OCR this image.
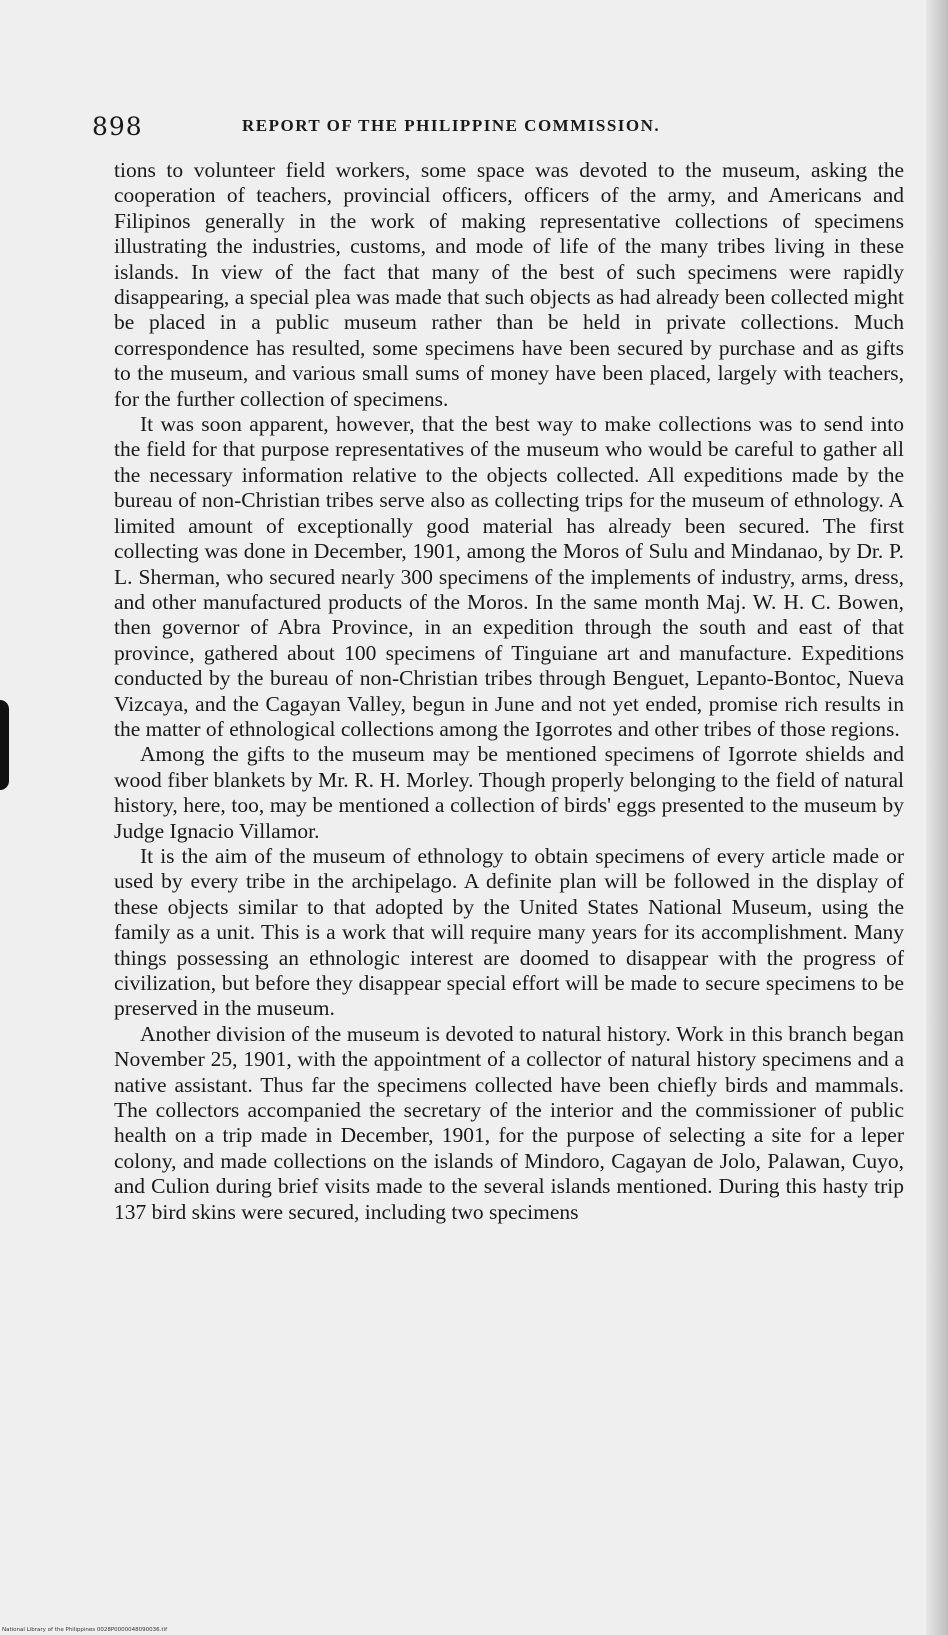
898	REPORT OF THE PHILIPPINE COMMISSION.

tions to volunteer field workers, some space was devoted to the museum, asking the cooperation of teachers, provincial officers, officers of the army, and Americans and Filipinos generally in the work of making representative collections of specimens illustrating the industries, customs, and mode of life of the many tribes living in these islands. In view of the fact that many of the best of such specimens were rapidly disappearing, a special plea was made that such objects as had already been collected might be placed in a public museum rather than be held in private collections. Much correspondence has resulted, some specimens have been secured by purchase and as gifts to the museum, and various small sums of money have been placed, largely with teachers, for the further collection of specimens.

It was soon apparent, however, that the best way to make collections was to send into the field for that purpose representatives of the museum who would be careful to gather all the necessary information relative to the objects collected. All expeditions made by the bureau of non-Christian tribes serve also as collecting trips for the museum of ethnology. A limited amount of exceptionally good material has already been secured. The first collecting was done in December, 1901, among the Moros of Sulu and Mindanao, by Dr. P. L. Sherman, who secured nearly 300 specimens of the implements of industry, arms, dress, and other manufactured products of the Moros. In the same month Maj. W. H. C. Bowen, then governor of Abra Province, in an expedition through the south and east of that province, gathered about 100 specimens of Tinguiane art and manufacture. Expeditions conducted by the bureau of non-Christian tribes through Benguet, Lepanto-Bontoc, Nueva Vizcaya, and the Cagayan Valley, begun in June and not yet ended, promise rich results in the matter of ethnological collections among the Igorrotes and other tribes of those regions.

Among the gifts to the museum may be mentioned specimens of Igorrote shields and wood fiber blankets by Mr. R. H. Morley. Though properly belonging to the field of natural history, here, too, may be mentioned a collection of birds' eggs presented to the museum by Judge Ignacio Villamor.

It is the aim of the museum of ethnology to obtain specimens of every article made or used by every tribe in the archipelago. A definite plan will be followed in the display of these objects similar to that adopted by the United States National Museum, using the family as a unit. This is a work that will require many years for its accomplishment. Many things possessing an ethnologic interest are doomed to disappear with the progress of civilization, but before they disappear special effort will be made to secure specimens to be preserved in the museum.

Another division of the museum is devoted to natural history. Work in this branch began November 25, 1901, with the appointment of a collector of natural history specimens and a native assistant. Thus far the specimens collected have been chiefly birds and mammals. The collectors accompanied the secretary of the interior and the commissioner of public health on a trip made in December, 1901, for the purpose of selecting a site for a leper colony, and made collections on the islands of Mindoro, Cagayan de Jolo, Palawan, Cuyo, and Culion during brief visits made to the several islands mentioned. During this hasty trip 137 bird skins were secured, including two specimens

National Library of the Philippines 0028P0000048090036.tif
